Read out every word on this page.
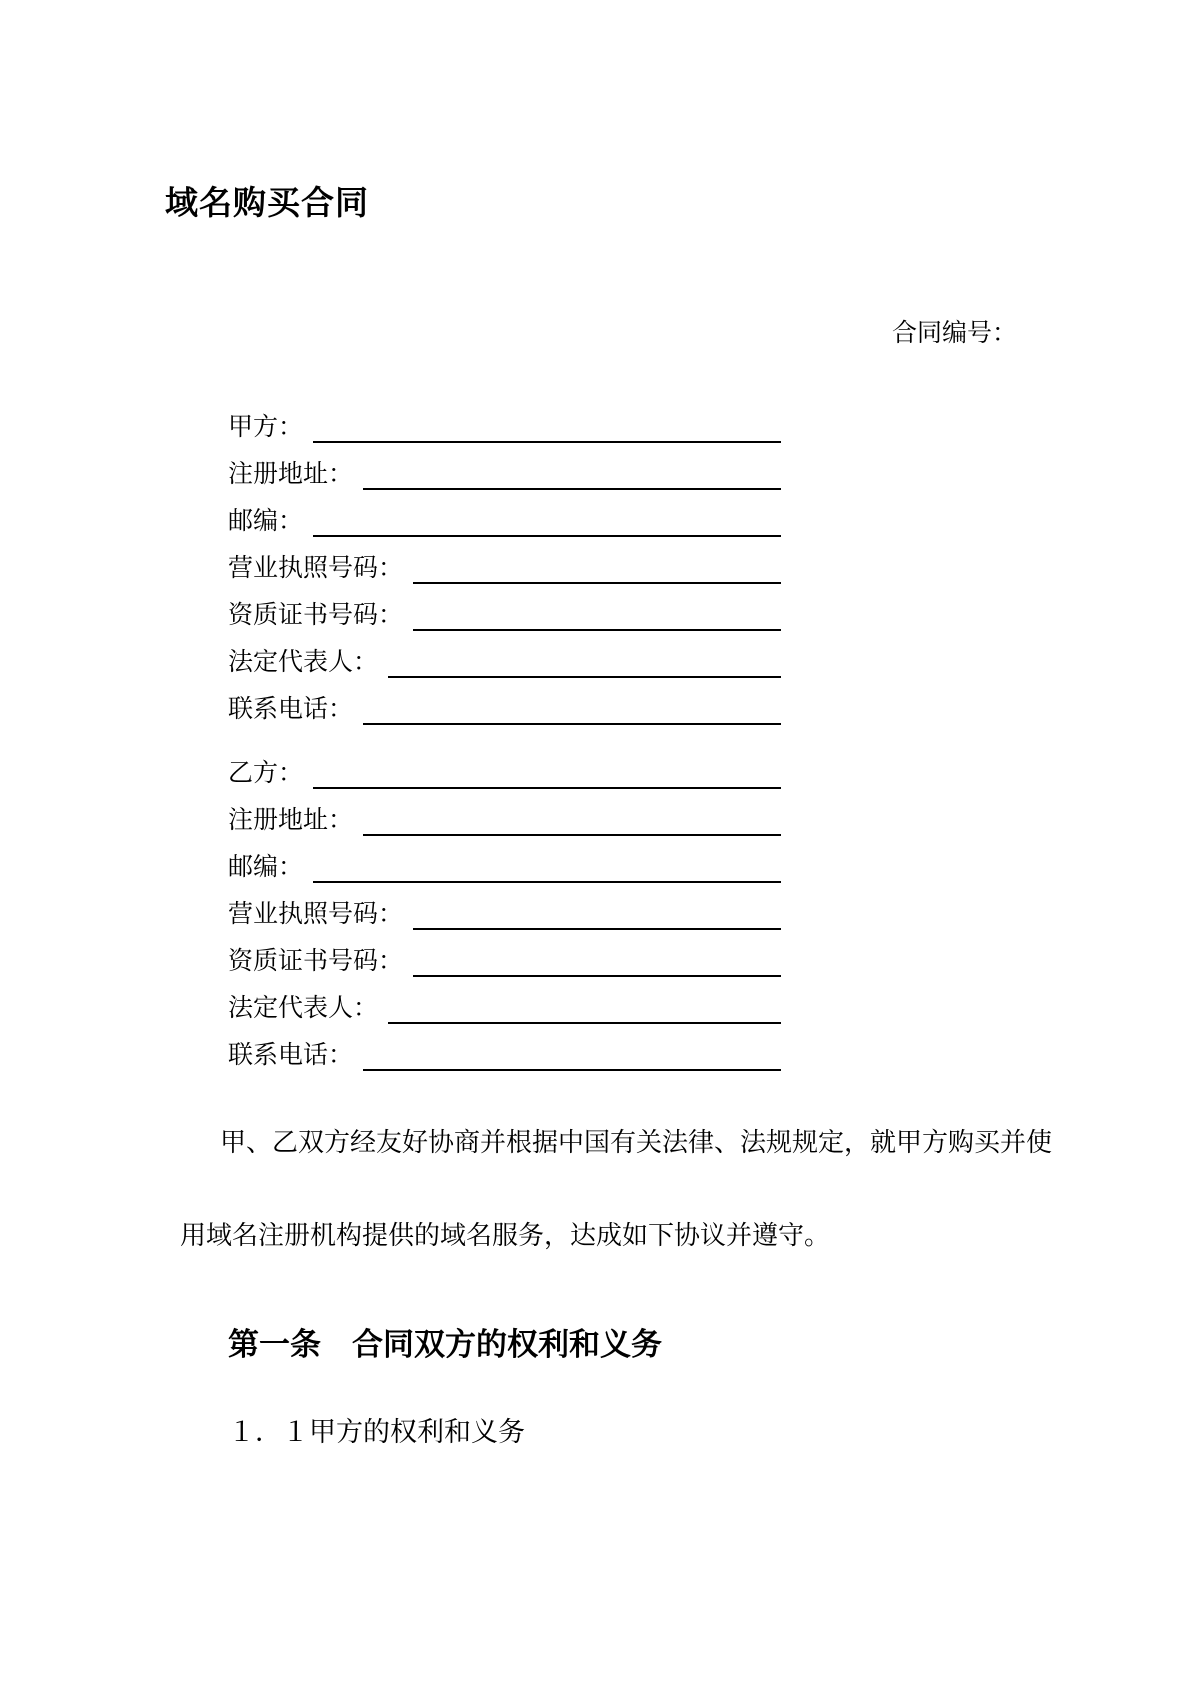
域名购买合同
合同编号：
甲方：
注册地址：
邮编：
营业执照号码：
资质证书号码：
法定代表人：
联系电话：
乙方：
注册地址：
邮编：
营业执照号码：
资质证书号码：
法定代表人：
联系电话：
甲、乙双方经友好协商并根据中国有关法律、法规规定，就甲方购买并使
用域名注册机构提供的域名服务，达成如下协议并遵守。
第一条　合同双方的权利和义务
１．１甲方的权利和义务
